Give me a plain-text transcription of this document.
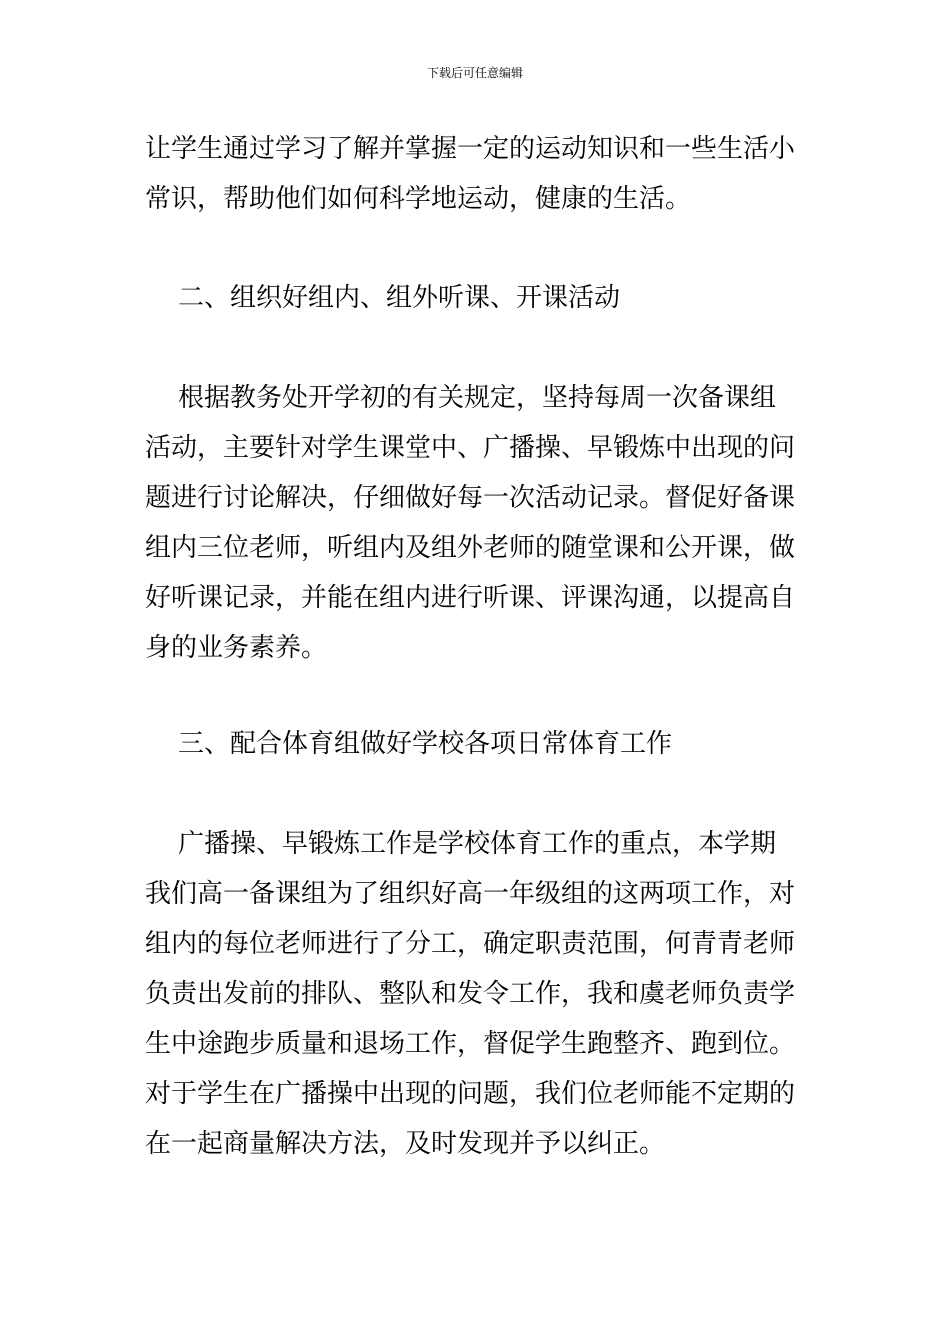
下载后可任意编辑

让学生通过学习了解并掌握一定的运动知识和一些生活小
常识，帮助他们如何科学地运动，健康的生活。

二、组织好组内、组外听课、开课活动

根据教务处开学初的有关规定，坚持每周一次备课组
活动，主要针对学生课堂中、广播操、早锻炼中出现的问
题进行讨论解决，仔细做好每一次活动记录。督促好备课
组内三位老师，听组内及组外老师的随堂课和公开课，做
好听课记录，并能在组内进行听课、评课沟通，以提高自
身的业务素养。

三、配合体育组做好学校各项日常体育工作

广播操、早锻炼工作是学校体育工作的重点，本学期
我们高一备课组为了组织好高一年级组的这两项工作，对
组内的每位老师进行了分工，确定职责范围，何青青老师
负责出发前的排队、整队和发令工作，我和虞老师负责学
生中途跑步质量和退场工作，督促学生跑整齐、跑到位。
对于学生在广播操中出现的问题，我们位老师能不定期的
在一起商量解决方法，及时发现并予以纠正。
